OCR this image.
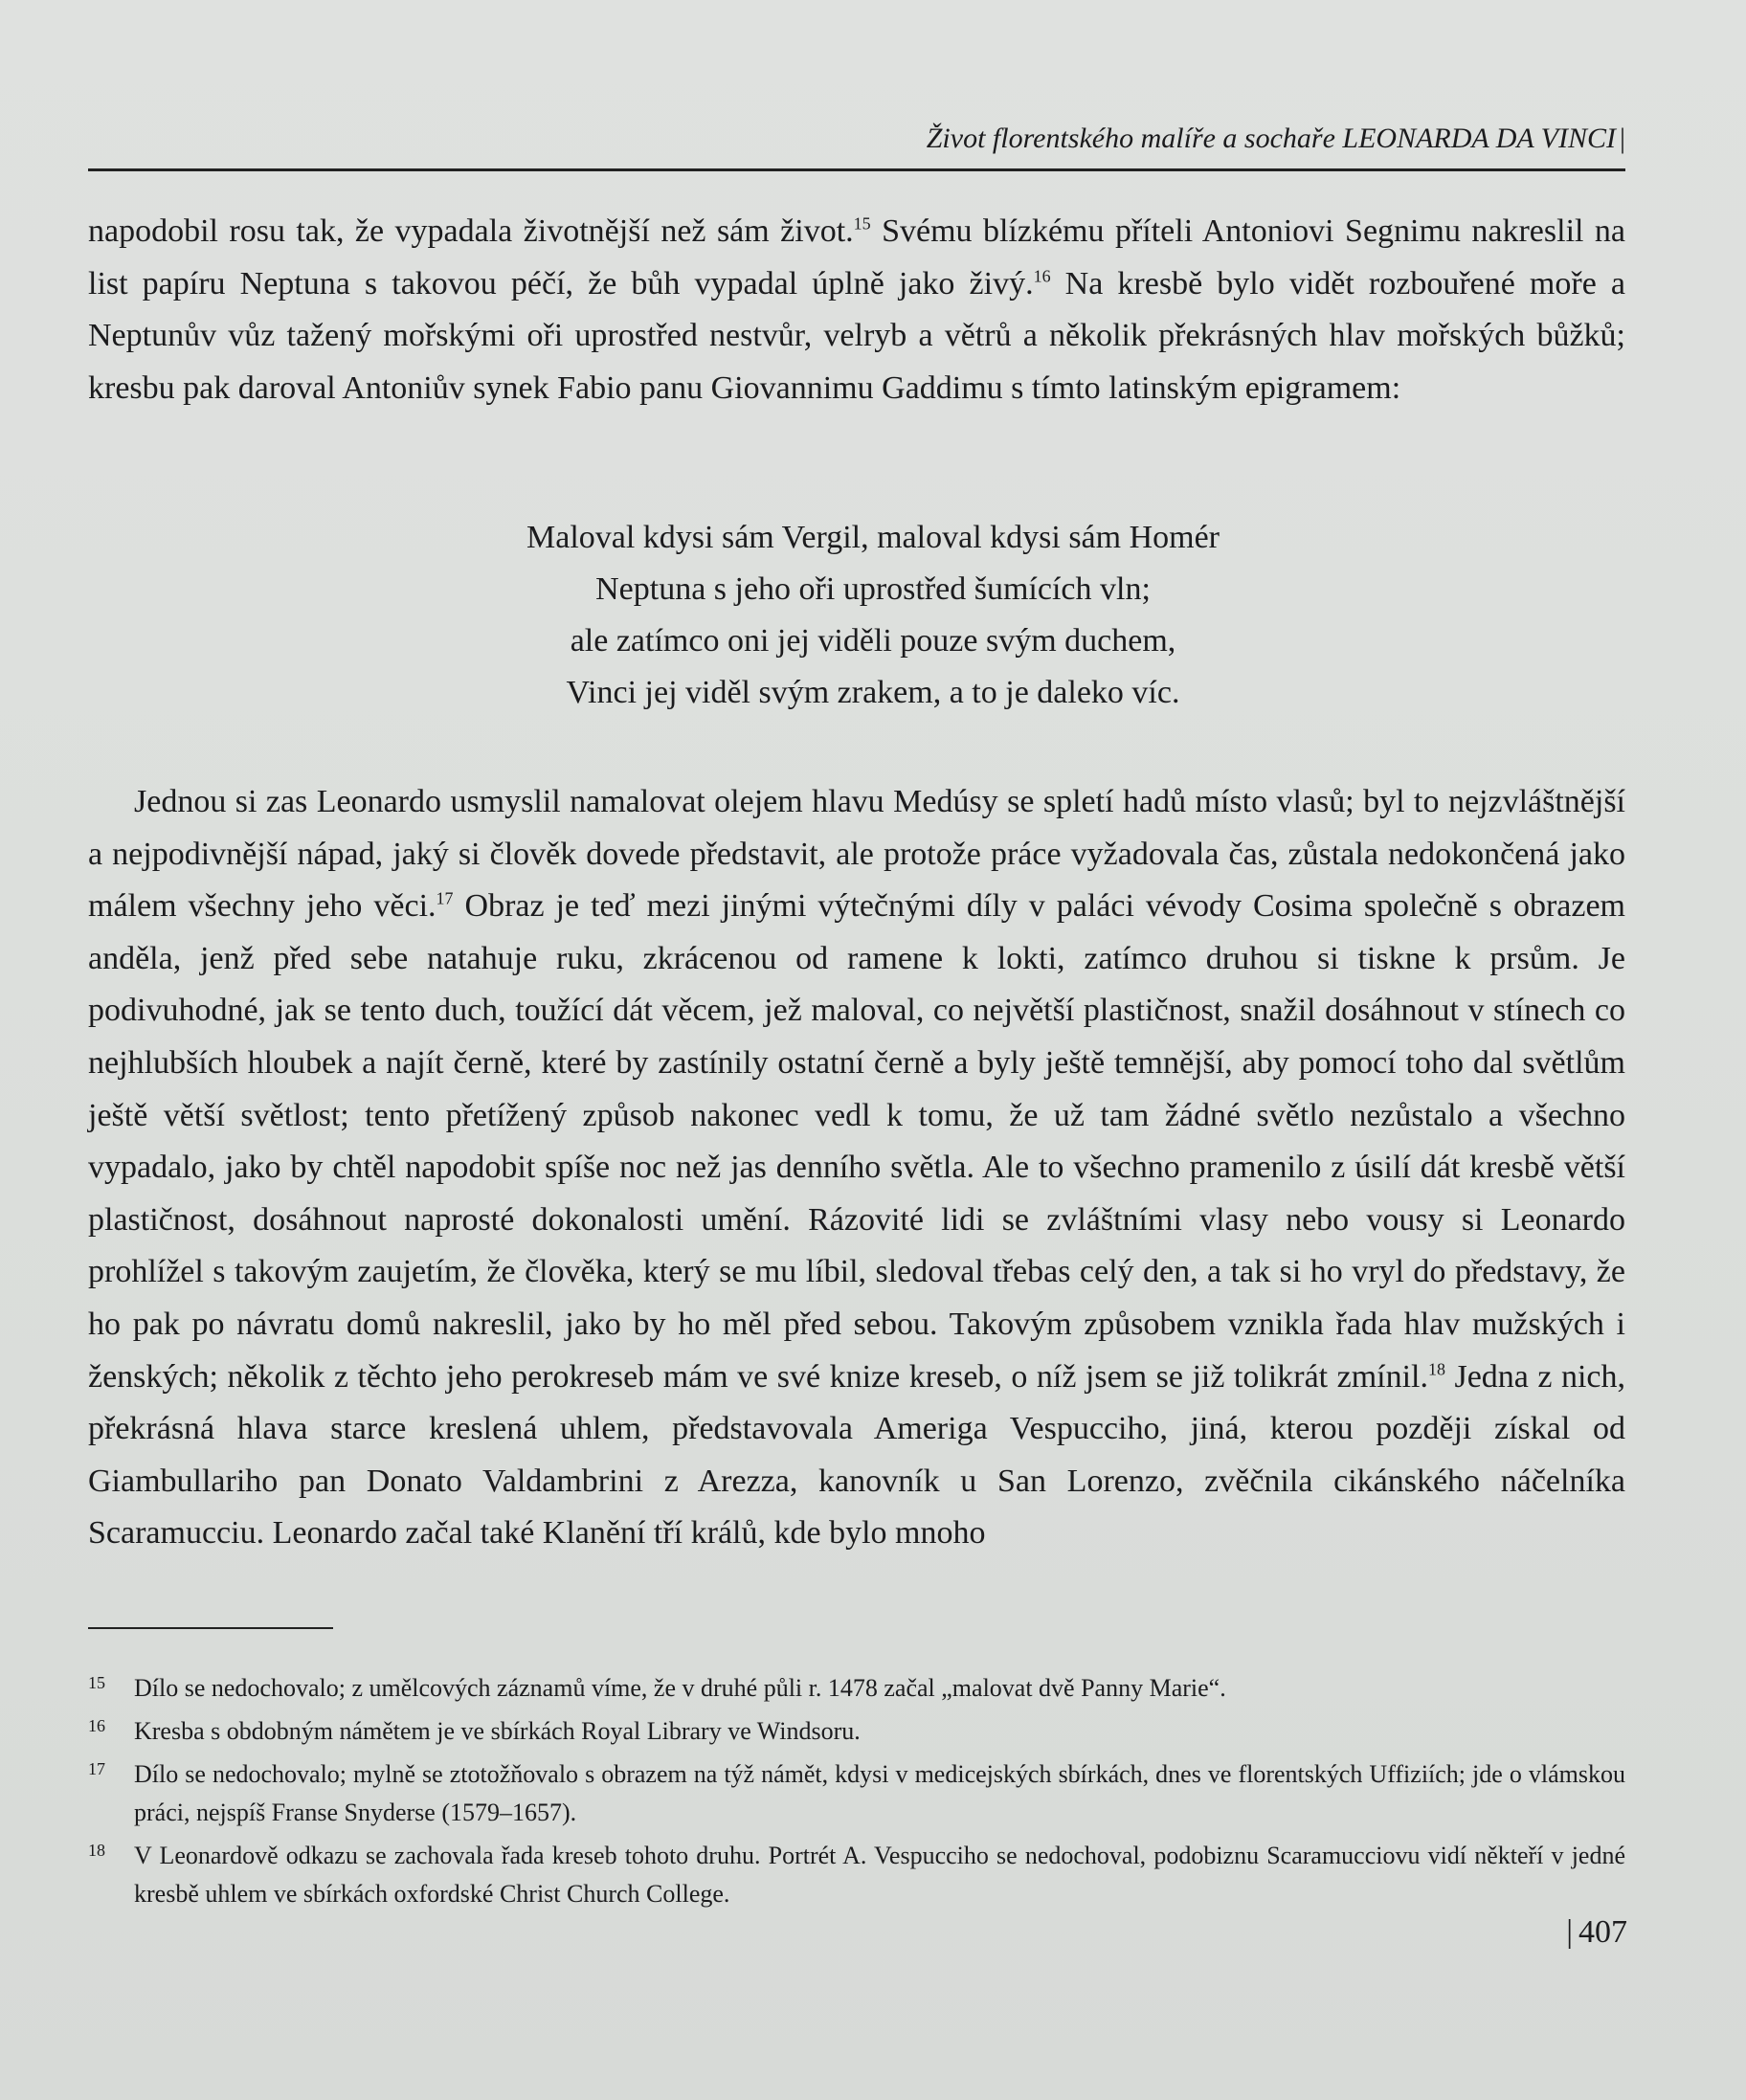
Život florentského malíře a sochaře LEONARDA DA VINCI |

napodobil rosu tak, že vypadala životnější než sám život.$^{15}$ Svému blízkému příteli Antoniovi Segnimu nakreslil na list papíru Neptuna s takovou péčí, že bůh vypadal úplně jako živý.$^{16}$ Na kresbě bylo vidět rozbouřené moře a Neptunův vůz tažený mořskými oři uprostřed nestvůr, velryb a větrů a několik překrásných hlav mořských bůžků; kresbu pak daroval Antoniův synek Fabio panu Giovannimu Gaddimu s tímto latinským epigramem:

Maloval kdysi sám Vergil, maloval kdysi sám Homér
Neptuna s jeho oři uprostřed šumících vln;
ale zatímco oni jej viděli pouze svým duchem,
Vinci jej viděl svým zrakem, a to je daleko víc.
Jednou si zas Leonardo usmyslil namalovat olejem hlavu Medúsy se spletí hadů místo vlasů; byl to nejzvláštnější a nejpodivnější nápad, jaký si člověk dovede představit, ale protože práce vyžadovala čas, zůstala nedokončená jako málem všechny jeho věci.$^{17}$ Obraz je teď mezi jinými výtečnými díly v paláci vévody Cosima společně s obrazem anděla, jenž před sebe natahuje ruku, zkrácenou od ramene k lokti, zatímco druhou si tiskne k prsům. Je podivuhodné, jak se tento duch, toužící dát věcem, jež maloval, co největší plastičnost, snažil dosáhnout v stínech co nejhlubších hloubek a najít černě, které by zastínily ostatní černě a byly ještě temnější, aby pomocí toho dal světlům ještě větší světlost; tento přetížený způsob nakonec vedl k tomu, že už tam žádné světlo nezůstalo a všechno vypadalo, jako by chtěl napodobit spíše noc než jas denního světla. Ale to všechno pramenilo z úsilí dát kresbě větší plastičnost, dosáhnout naprosté dokonalosti umění. Rázovité lidi se zvláštními vlasy nebo vousy si Leonardo prohlížel s takovým zaujetím, že člověka, který se mu líbil, sledoval třebas celý den, a tak si ho vryl do představy, že ho pak po návratu domů nakreslil, jako by ho měl před sebou. Takovým způsobem vznikla řada hlav mužských i ženských; několik z těchto jeho perokreseb mám ve své knize kreseb, o níž jsem se již tolikrát zmínil.$^{18}$ Jedna z nich, překrásná hlava starce kreslená uhlem, představovala Ameriga Vespucciho, jiná, kterou později získal od Giambullariho pan Donato Valdambrini z Arezza, kanovník u San Lorenzo, zvěčnila cikánského náčelníka Scaramucciu. Leonardo začal také Klanění tří králů, kde bylo mnoho
15 Dílo se nedochovalo; z umělcových záznamů víme, že v druhé půli r. 1478 začal „malovat dvě Panny Marie“.
16 Kresba s obdobným námětem je ve sbírkách Royal Library ve Windsoru.
17 Dílo se nedochovalo; mylně se ztotožňovalo s obrazem na týž námět, kdysi v medicejských sbírkách, dnes ve florentských Uffiziích; jde o vlámskou práci, nejspíš Franse Snyderse (1579–1657).
18 V Leonardově odkazu se zachovala řada kreseb tohoto druhu. Portrét A. Vespucciho se nedochoval, podobiznu Scaramucciovu vidí někteří v jedné kresbě uhlem ve sbírkách oxfordské Christ Church College.
| 407
